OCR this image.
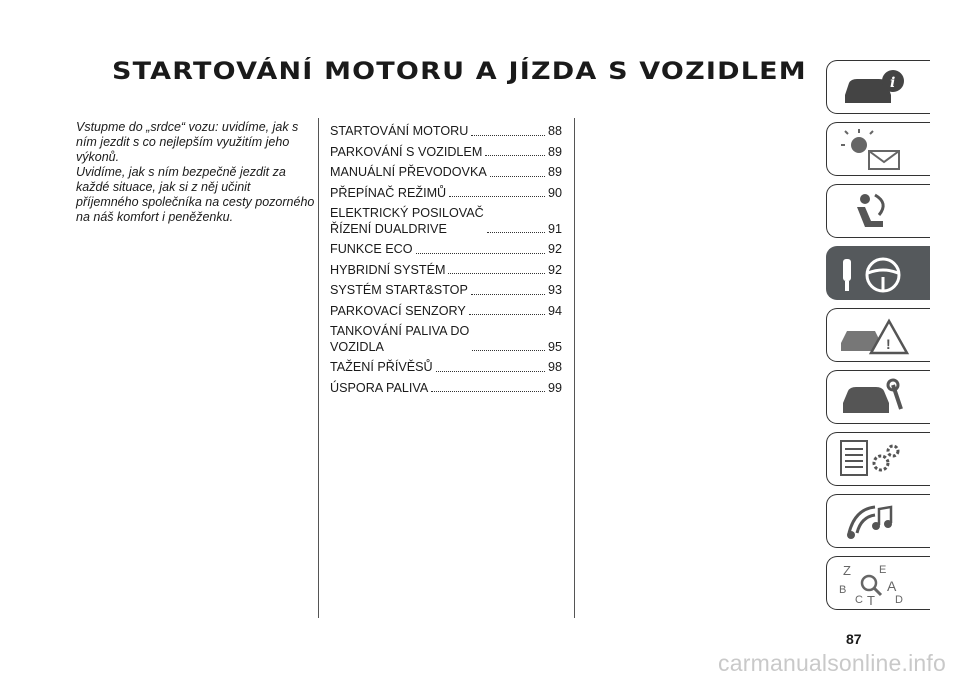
STARTOVÁNÍ MOTORU A JÍZDA S VOZIDLEM

Vstupme do „srdce“ vozu: uvidíme, jak s ním jezdit s co nejlepším využitím jeho výkonů.

Uvidíme, jak s ním bezpečně jezdit za každé situace, jak si z něj učinit příjemného společníka na cesty pozorného na náš komfort i peněženku.

STARTOVÁNÍ MOTORU	88
PARKOVÁNÍ S VOZIDLEM	89
MANUÁLNÍ PŘEVODOVKA	89
PŘEPÍNAČ REŽIMŮ	90
ELEKTRICKÝ POSILOVAČ
ŘÍZENÍ DUALDRIVE	91
FUNKCE ECO	92
HYBRIDNÍ SYSTÉM	92
SYSTÉM START&STOP	93
PARKOVACÍ SENZORY	94
TANKOVÁNÍ PALIVA DO
VOZIDLA	95
TAŽENÍ PŘÍVĚSŮ	98
ÚSPORA PALIVA	99
i
!
Z	E
A
B
C T D
87
carmanualsonline.info
